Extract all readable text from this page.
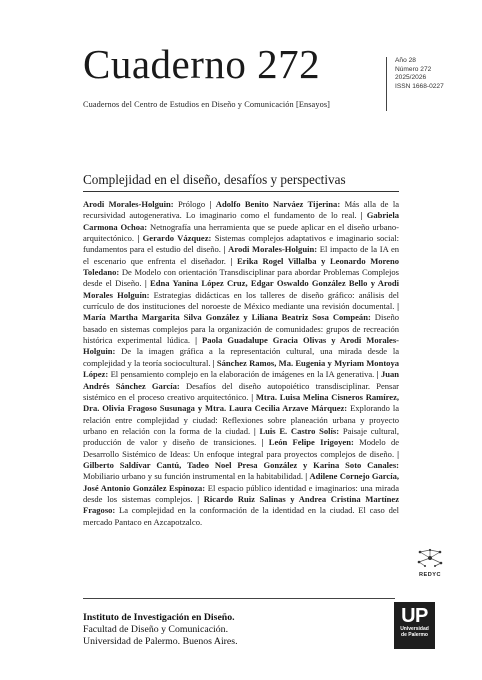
Cuaderno 272
Cuadernos del Centro de Estudios en Diseño y Comunicación [Ensayos]
Año 28
Número 272
2025/2026
ISSN 1668-0227
Complejidad en el diseño, desafíos y perspectivas
Arodi Morales-Holguin: Prólogo | Adolfo Benito Narváez Tijerina: Más alla de la recursividad autogenerativa. Lo imaginario como el fundamento de lo real. | Gabriela Carmona Ochoa: Netnografía una herramienta que se puede aplicar en el diseño urbano-arquitectónico. | Gerardo Vázquez: Sistemas complejos adaptativos e imaginario social: fundamentos para el estudio del diseño. | Arodi Morales-Holguin: El impacto de la IA en el escenario que enfrenta el diseñador. | Erika Rogel Villalba y Leonardo Moreno Toledano: De Modelo con orientación Transdisciplinar para abordar Problemas Complejos desde el Diseño. | Edna Yanina López Cruz, Edgar Oswaldo González Bello y Arodi Morales Holguín: Estrategias didácticas en los talleres de diseño gráfico: análisis del currículo de dos instituciones del noroeste de México mediante una revisión documental. | María Martha Margarita Silva González y Liliana Beatriz Sosa Compeán: Diseño basado en sistemas complejos para la organización de comunidades: grupos de recreación histórica experimental lúdica. | Paola Guadalupe Gracia Olivas y Arodi Morales-Holguin: De la imagen gráfica a la representación cultural, una mirada desde la complejidad y la teoría sociocultural. | Sánchez Ramos, Ma. Eugenia y Myriam Montoya López: El pensamiento complejo en la elaboración de imágenes en la IA generativa. | Juan Andrés Sánchez García: Desafíos del diseño autopoiético transdisciplinar. Pensar sistémico en el proceso creativo arquitectónico. | Mtra. Luisa Melina Cisneros Ramírez, Dra. Olivia Fragoso Susunaga y Mtra. Laura Cecilia Arzave Márquez: Explorando la relación entre complejidad y ciudad: Reflexiones sobre planeación urbana y proyecto urbano en relación con la forma de la ciudad. | Luis E. Castro Solís: Paisaje cultural, producción de valor y diseño de transiciones. | León Felipe Irigoyen: Modelo de Desarrollo Sistémico de Ideas: Un enfoque integral para proyectos complejos de diseño. | Gilberto Saldívar Cantú, Tadeo Noel Presa González y Karina Soto Canales: Mobiliario urbano y su función instrumental en la habitabilidad. | Adilene Cornejo García, José Antonio González Espinoza: El espacio público identidad e imaginarios: una mirada desde los sistemas complejos. | Ricardo Ruiz Salinas y Andrea Cristina Martínez Fragoso: La complejidad en la conformación de la identidad en la ciudad. El caso del mercado Pantaco en Azcapotzalco.
REDYC
Instituto de Investigación en Diseño.
Facultad de Diseño y Comunicación.
Universidad de Palermo. Buenos Aires.
UP
Universidad
de Palermo
